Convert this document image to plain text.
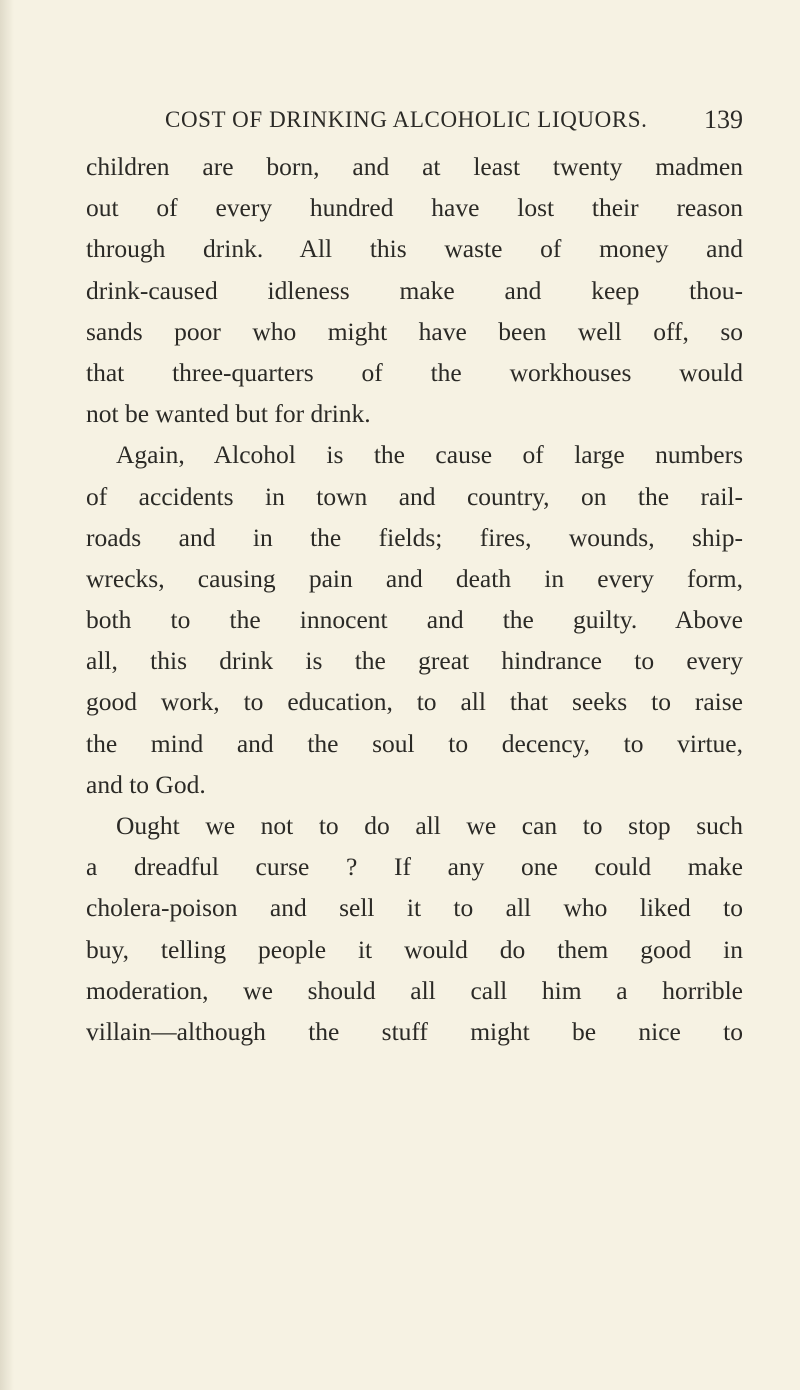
COST OF DRINKING ALCOHOLIC LIQUORS. 139
children are born, and at least twenty madmen
out of every hundred have lost their reason
through drink. All this waste of money and
drink-caused idleness make and keep thou-
sands poor who might have been well off, so
that three-quarters of the workhouses would
not be wanted but for drink.
Again, Alcohol is the cause of large numbers
of accidents in town and country, on the rail-
roads and in the fields; fires, wounds, ship-
wrecks, causing pain and death in every form,
both to the innocent and the guilty. Above
all, this drink is the great hindrance to every
good work, to education, to all that seeks to raise
the mind and the soul to decency, to virtue,
and to God.
Ought we not to do all we can to stop such
a dreadful curse ? If any one could make
cholera-poison and sell it to all who liked to
buy, telling people it would do them good in
moderation, we should all call him a horrible
villain—although the stuff might be nice to
